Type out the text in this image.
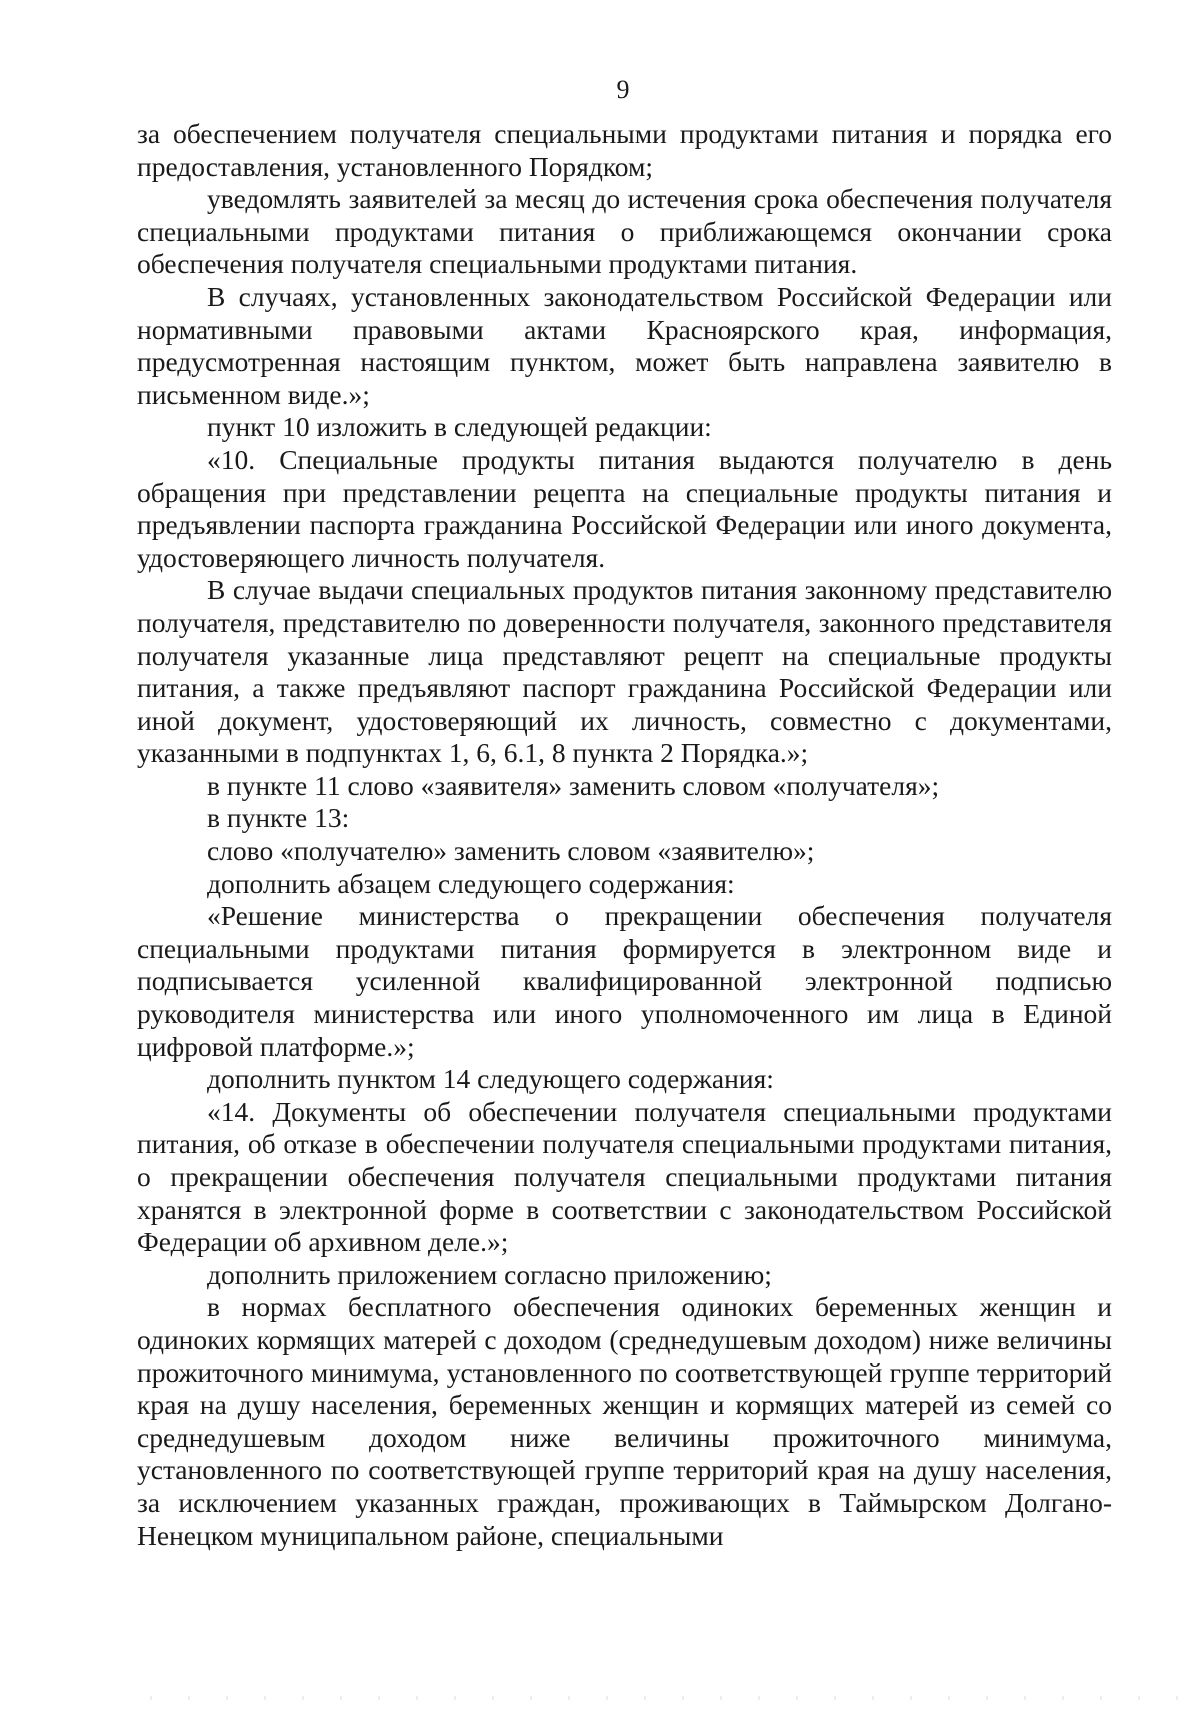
9

за обеспечением получателя специальными продуктами питания и порядка его предоставления, установленного Порядком;

уведомлять заявителей за месяц до истечения срока обеспечения получателя специальными продуктами питания о приближающемся окончании срока обеспечения получателя специальными продуктами питания.

В случаях, установленных законодательством Российской Федерации или нормативными правовыми актами Красноярского края, информация, предусмотренная настоящим пунктом, может быть направлена заявителю в письменном виде.»;

пункт 10 изложить в следующей редакции:

«10. Специальные продукты питания выдаются получателю в день обращения при представлении рецепта на специальные продукты питания и предъявлении паспорта гражданина Российской Федерации или иного документа, удостоверяющего личность получателя.

В случае выдачи специальных продуктов питания законному представителю получателя, представителю по доверенности получателя, законного представителя получателя указанные лица представляют рецепт на специальные продукты питания, а также предъявляют паспорт гражданина Российской Федерации или иной документ, удостоверяющий их личность, совместно с документами, указанными в подпунктах 1, 6, 6.1, 8 пункта 2 Порядка.»;

в пункте 11 слово «заявителя» заменить словом «получателя»;

в пункте 13:

слово «получателю» заменить словом «заявителю»;

дополнить абзацем следующего содержания:

«Решение министерства о прекращении обеспечения получателя специальными продуктами питания формируется в электронном виде и подписывается усиленной квалифицированной электронной подписью руководителя министерства или иного уполномоченного им лица в Единой цифровой платформе.»;

дополнить пунктом 14 следующего содержания:

«14. Документы об обеспечении получателя специальными продуктами питания, об отказе в обеспечении получателя специальными продуктами питания, о прекращении обеспечения получателя специальными продуктами питания хранятся в электронной форме в соответствии с законодательством Российской Федерации об архивном деле.»;

дополнить приложением согласно приложению;

в нормах бесплатного обеспечения одиноких беременных женщин и одиноких кормящих матерей с доходом (среднедушевым доходом) ниже величины прожиточного минимума, установленного по соответствующей группе территорий края на душу населения, беременных женщин и кормящих матерей из семей со среднедушевым доходом ниже величины прожиточного минимума, установленного по соответствующей группе территорий края на душу населения, за исключением указанных граждан, проживающих в Таймырском Долгано-Ненецком муниципальном районе, специальными
